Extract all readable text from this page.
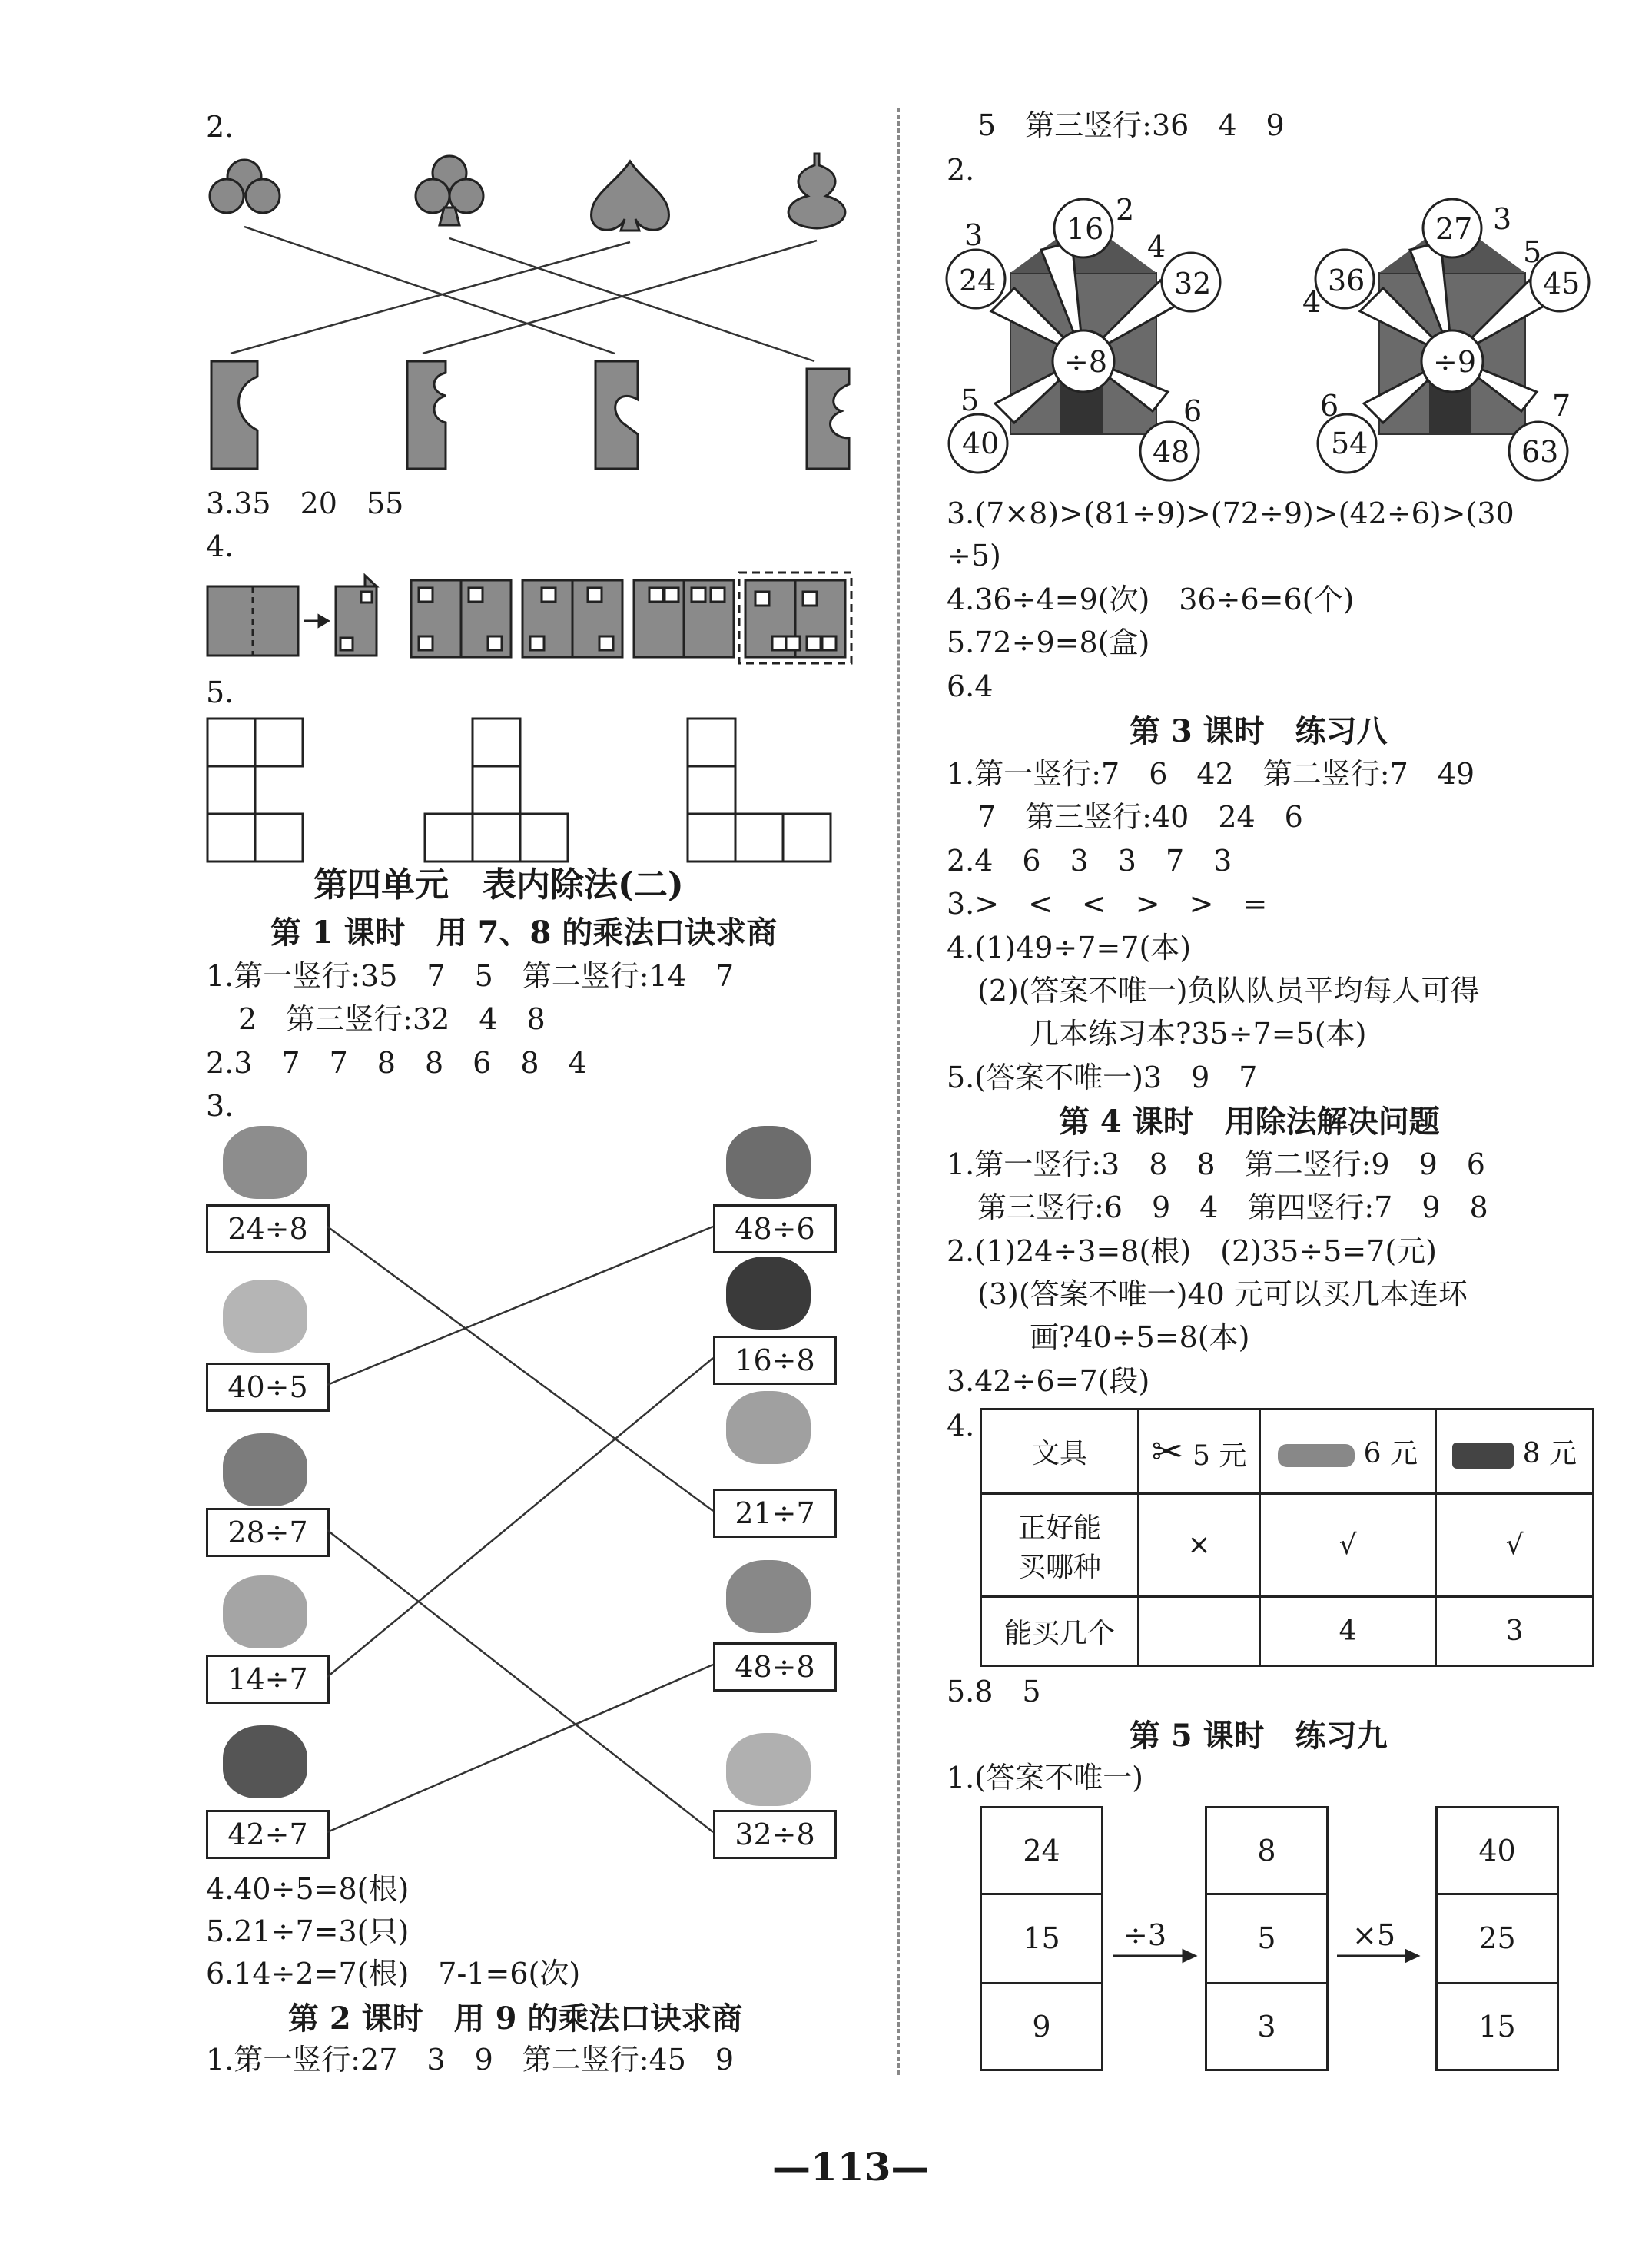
2.
3.35　20　55
4.
5.
第四单元　表内除法(二)
第 1 课时　用 7、8 的乘法口诀求商
1.第一竖行:35　7　5　第二竖行:14　7
2　第三竖行:32　4　8
2.3　7　7　8　8　6　8　4
3.
24÷8
40÷5
28÷7
14÷7
42÷7
48÷6
16÷8
21÷7
48÷8
32÷8
4.40÷5=8(根)
5.21÷7=3(只)
6.14÷2=7(根)　7-1=6(次)
第 2 课时　用 9 的乘法口诀求商
1.第一竖行:27　3　9　第二竖行:45　9
5　第三竖行:36　4　9
2.
÷8
16
24	32
40	48
3
2
4
5	6
÷9
27
36	45
54	63
3
5
4
6	7
3.(7×8)>(81÷9)>(72÷9)>(42÷6)>(30
÷5)
4.36÷4=9(次)　36÷6=6(个)
5.72÷9=8(盒)
6.4
第 3 课时　练习八
1.第一竖行:7　6　42　第二竖行:7　49
7　第三竖行:40　24　6
2.4　6　3　3　7　3
3.>　<　<　>　>　=
4.(1)49÷7=7(本)
(2)(答案不唯一)负队队员平均每人可得
几本练习本?35÷7=5(本)
5.(答案不唯一)3　9　7
第 4 课时　用除法解决问题
1.第一竖行:3　8　8　第二竖行:9　9　6
第三竖行:6　9　4　第四竖行:7　9　8
2.(1)24÷3=8(根)　(2)35÷5=7(元)
(3)(答案不唯一)40 元可以买几本连环
画?40÷5=8(本)
3.42÷6=7(段)
4.
文具	✂ 5 元	6 元	8 元
正好能买哪种	×	√	√
能买几个		4	3
5.8　5
第 5 课时　练习九
1.(答案不唯一)
24
15
9
8
5
3
40
25
15
÷3	×5
—113—
